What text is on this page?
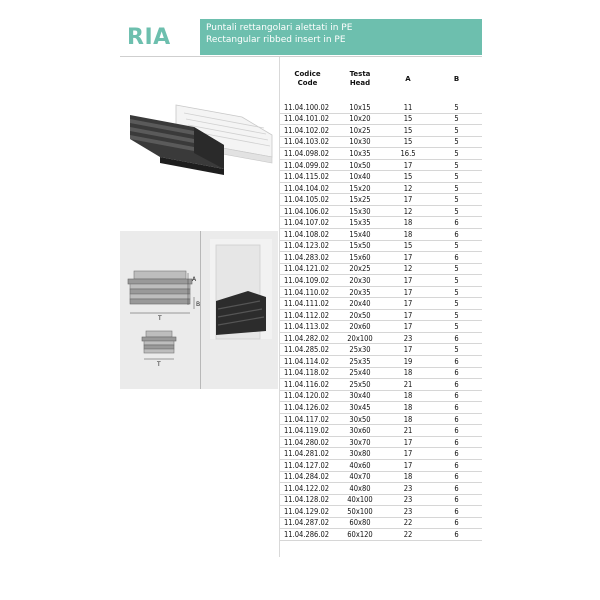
RIA	Puntali rettangolari alettati in PE
Rectangular ribbed insert in PE
A
B
T
T
Codice
Code
Testa
Head	A	B
11.04.100.02	10x15	11	5
11.04.101.02	10x20	15	5
11.04.102.02	10x25	15	5
11.04.103.02	10x30	15	5
11.04.098.02	10x35	16.5	5
11.04.099.02	10x50	17	5
11.04.115.02	10x40	15	5
11.04.104.02	15x20	12	5
11.04.105.02	15x25	17	5
11.04.106.02	15x30	12	5
11.04.107.02	15x35	18	6
11.04.108.02	15x40	18	6
11.04.123.02	15x50	15	5
11.04.283.02	15x60	17	6
11.04.121.02	20x25	12	5
11.04.109.02	20x30	17	5
11.04.110.02	20x35	17	5
11.04.111.02	20x40	17	5
11.04.112.02	20x50	17	5
11.04.113.02	20x60	17	5
11.04.282.02	20x100	23	6
11.04.285.02	25x30	17	5
11.04.114.02	25x35	19	6
11.04.118.02	25x40	18	6
11.04.116.02	25x50	21	6
11.04.120.02	30x40	18	6
11.04.126.02	30x45	18	6
11.04.117.02	30x50	18	6
11.04.119.02	30x60	21	6
11.04.280.02	30x70	17	6
11.04.281.02	30x80	17	6
11.04.127.02	40x60	17	6
11.04.284.02	40x70	18	6
11.04.122.02	40x80	23	6
11.04.128.02	40x100	23	6
11.04.129.02	50x100	23	6
11.04.287.02	60x80	22	6
11.04.286.02	60x120	22	6
